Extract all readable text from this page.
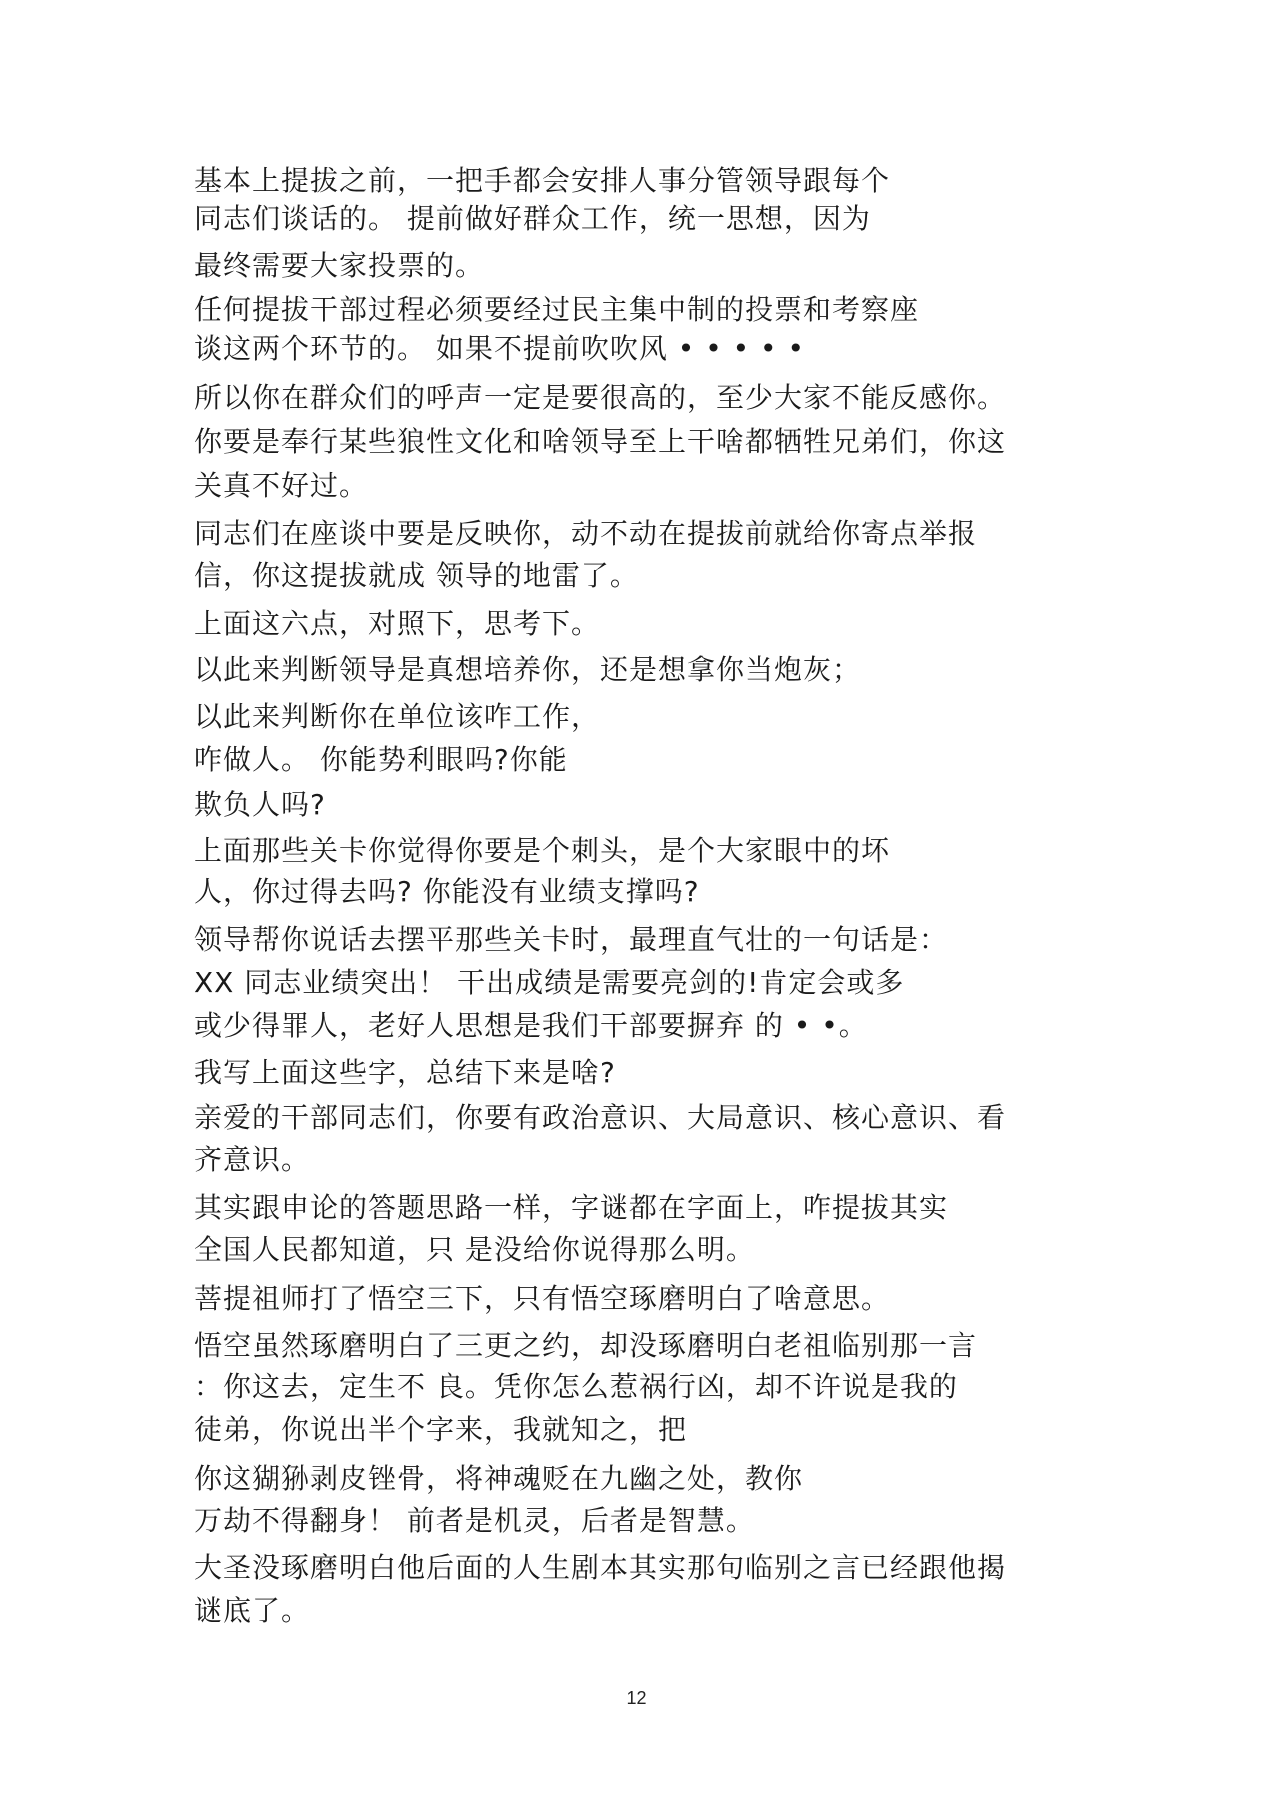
基本上提拔之前，一把手都会安排人事分管领导跟每个
同志们谈话的。 提前做好群众工作，统一思想，因为
最终需要大家投票的。
任何提拔干部过程必须要经过民主集中制的投票和考察座
谈这两个环节的。 如果不提前吹吹风 • • • • •
所以你在群众们的呼声一定是要很高的，至少大家不能反感你。
你要是奉行某些狼性文化和啥领导至上干啥都牺牲兄弟们，你这
关真不好过。
同志们在座谈中要是反映你，动不动在提拔前就给你寄点举报
信，你这提拔就成 领导的地雷了。
上面这六点，对照下，思考下。
以此来判断领导是真想培养你，还是想拿你当炮灰；
以此来判断你在单位该咋工作，
咋做人。 你能势利眼吗?你能
欺负人吗?
上面那些关卡你觉得你要是个刺头，是个大家眼中的坏
人，你过得去吗? 你能没有业绩支撑吗?
领导帮你说话去摆平那些关卡时，最理直气壮的一句话是：
XX 同志业绩突出！ 干出成绩是需要亮剑的!肯定会或多
或少得罪人，老好人思想是我们干部要摒弃 的 • •。
我写上面这些字，总结下来是啥?
亲爱的干部同志们，你要有政治意识、大局意识、核心意识、看
齐意识。
其实跟申论的答题思路一样，字谜都在字面上，咋提拔其实
全国人民都知道，只 是没给你说得那么明。
菩提祖师打了悟空三下，只有悟空琢磨明白了啥意思。
悟空虽然琢磨明白了三更之约，却没琢磨明白老祖临别那一言
：你这去，定生不 良。凭你怎么惹祸行凶，却不许说是我的
徒弟，你说出半个字来，我就知之，把
你这猢狲剥皮锉骨，将神魂贬在九幽之处，教你
万劫不得翻身！ 前者是机灵，后者是智慧。
大圣没琢磨明白他后面的人生剧本其实那句临别之言已经跟他揭
谜底了。
12
